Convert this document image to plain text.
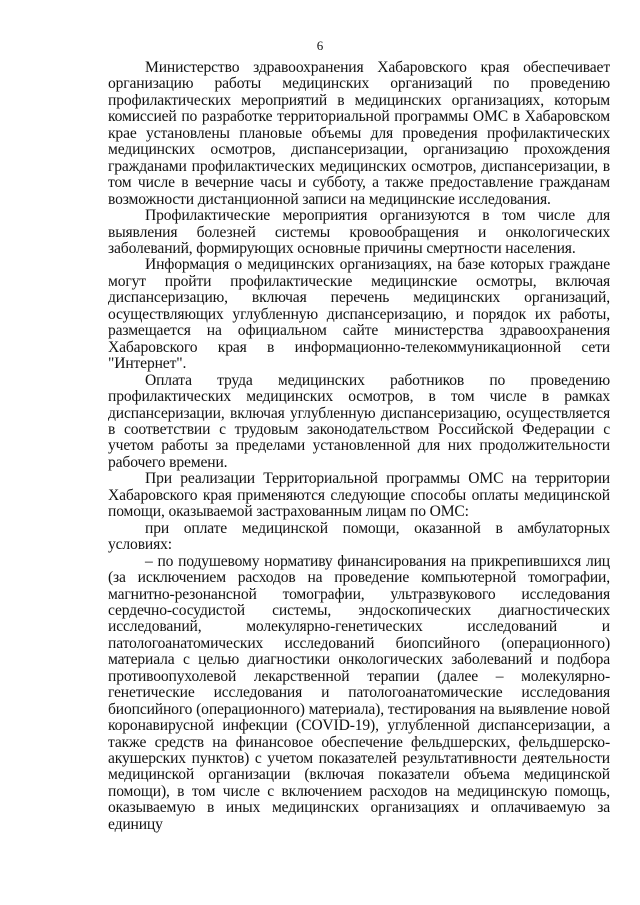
6

Министерство здравоохранения Хабаровского края обеспечивает организацию работы медицинских организаций по проведению профилактических мероприятий в медицинских организациях, которым комиссией по разработке территориальной программы ОМС в Хабаровском крае установлены плановые объемы для проведения профилактических медицинских осмотров, диспансеризации, организацию прохождения гражданами профилактических медицинских осмотров, диспансеризации, в том числе в вечерние часы и субботу, а также предоставление гражданам возможности дистанционной записи на медицинские исследования.

Профилактические мероприятия организуются в том числе для выявления болезней системы кровообращения и онкологических заболеваний, формирующих основные причины смертности населения.

Информация о медицинских организациях, на базе которых граждане могут пройти профилактические медицинские осмотры, включая диспансеризацию, включая перечень медицинских организаций, осуществляющих углубленную диспансеризацию, и порядок их работы, размещается на официальном сайте министерства здравоохранения Хабаровского края в информационно-телекоммуникационной сети "Интернет".

Оплата труда медицинских работников по проведению профилактических медицинских осмотров, в том числе в рамках диспансеризации, включая углубленную диспансеризацию, осуществляется в соответствии с трудовым законодательством Российской Федерации с учетом работы за пределами установленной для них продолжительности рабочего времени.

При реализации Территориальной программы ОМС на территории Хабаровского края применяются следующие способы оплаты медицинской помощи, оказываемой застрахованным лицам по ОМС:

при оплате медицинской помощи, оказанной в амбулаторных условиях:

– по подушевому нормативу финансирования на прикрепившихся лиц (за исключением расходов на проведение компьютерной томографии, магнитно-резонансной томографии, ультразвукового исследования сердечно-сосудистой системы, эндоскопических диагностических исследований, молекулярно-генетических исследований и патологоанатомических исследований биопсийного (операционного) материала с целью диагностики онкологических заболеваний и подбора противоопухолевой лекарственной терапии (далее – молекулярно-генетические исследования и патологоанатомические исследования биопсийного (операционного) материала), тестирования на выявление новой коронавирусной инфекции (COVID-19), углубленной диспансеризации, а также средств на финансовое обеспечение фельдшерских, фельдшерско-акушерских пунктов) с учетом показателей результативности деятельности медицинской организации (включая показатели объема медицинской помощи), в том числе с включением расходов на медицинскую помощь, оказываемую в иных медицинских организациях и оплачиваемую за единицу
